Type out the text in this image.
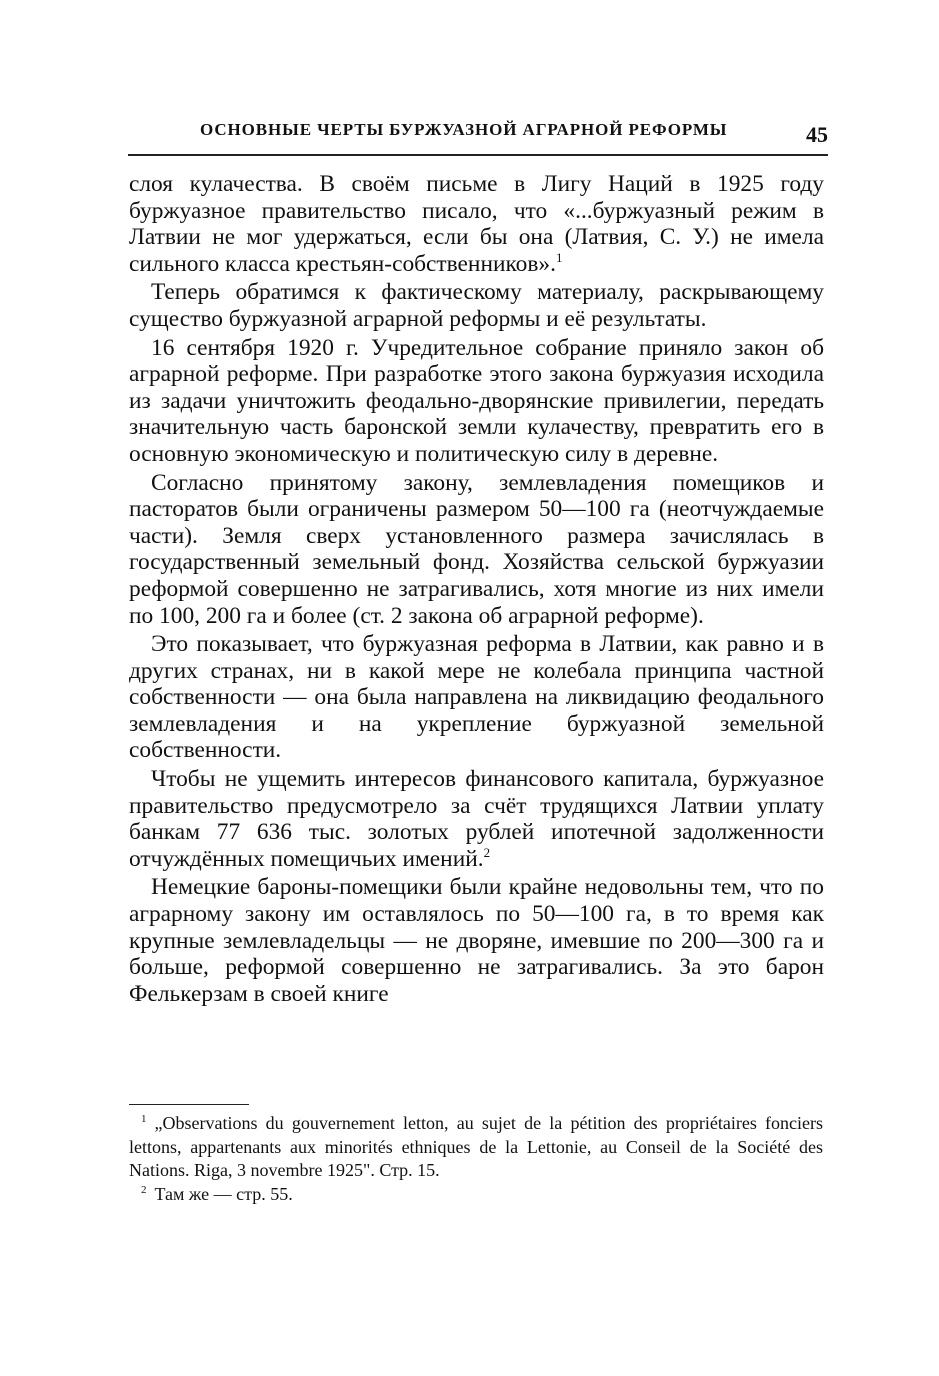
ОСНОВНЫЕ ЧЕРТЫ БУРЖУАЗНОЙ АГРАРНОЙ РЕФОРМЫ	45

слоя кулачества. В своём письме в Лигу Наций в 1925 году буржуазное правительство писало, что «...буржуазный режим в Латвии не мог удержаться, если бы она (Латвия, С. У.) не имела сильного класса крестьян-собственников».$^1$

Теперь обратимся к фактическому материалу, раскрывающему существо буржуазной аграрной реформы и её результаты.

16 сентября 1920 г. Учредительное собрание приняло закон об аграрной реформе. При разработке этого закона буржуазия исходила из задачи уничтожить феодально-дворянские привилегии, передать значительную часть баронской земли кулачеству, превратить его в основную экономическую и политическую силу в деревне.

Согласно принятому закону, землевладения помещиков и пасторатов были ограничены размером 50—100 га (неотчуждаемые части). Земля сверх установленного размера зачислялась в государственный земельный фонд. Хозяйства сельской буржуазии реформой совершенно не затрагивались, хотя многие из них имели по 100, 200 га и более (ст. 2 закона об аграрной реформе).

Это показывает, что буржуазная реформа в Латвии, как равно и в других странах, ни в какой мере не колебала принципа частной собственности — она была направлена на ликвидацию феодального землевладения и на укрепление буржуазной земельной собственности.

Чтобы не ущемить интересов финансового капитала, буржуазное правительство предусмотрело за счёт трудящихся Латвии уплату банкам 77 636 тыс. золотых рублей ипотечной задолженности отчуждённых помещичьих имений.$^2$

Немецкие бароны-помещики были крайне недовольны тем, что по аграрному закону им оставлялось по 50—100 га, в то время как крупные землевладельцы — не дворяне, имевшие по 200—300 га и больше, реформой совершенно не затрагивались. За это барон Фелькерзам в своей книге

$^1$ „Observations du gouvernement letton, au sujet de la pétition des propriétaires fonciers lettons, appartenants aux minorités ethniques de la Lettonie, au Conseil de la Société des Nations. Riga, 3 novembre 1925". Стр. 15.

$^2$ Там же — стр. 55.
